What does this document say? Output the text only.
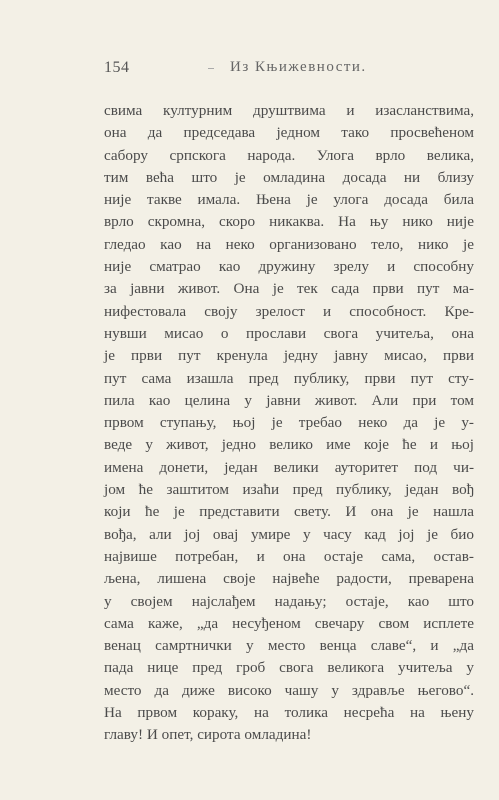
154	Из Књижевности.
свима културним друштвима и изасланствима,
она да председава једном тако просвећеном
сабору српскога народа. Улога врло велика,
тим већа што је омладина досада ни близу
није такве имала. Њена је улога досада била
врло скромна, скоро никаква. На њу нико није
гледао као на неко организовано тело, нико је
није сматрао као дружину зрелу и способну
за јавни живот. Она је тек сада први пут ма-
нифестовала своју зрелост и способност. Кре-
нувши мисао о прослави свога учитеља, она
је први пут кренула једну јавну мисао, први
пут сама изашла пред публику, први пут сту-
пила као целина у јавни живот. Али при том
првом ступању, њој је требао неко да је у-
веде у живот, једно велико име које ће и њој
имена донети, један велики ауторитет под чи-
јом ће заштитом изаћи пред публику, један вођ
који ће је представити свету. И она је нашла
вођа, али јој овај умире у часу кад јој је био
највише потребан, и она остаје сама, остав-
љена, лишена своје највеће радости, преварена
у својем најслађем надању; остаје, као што
сама каже, „да несуђеном свечару свом исплете
венац самртнички у место венца славе“, и „да
пада нице пред гроб свога великога учитеља у
место да диже високо чашу у здравље његово“.
На првом кораку, на толика несрећа на њену
главу! И опет, сирота омладина!
